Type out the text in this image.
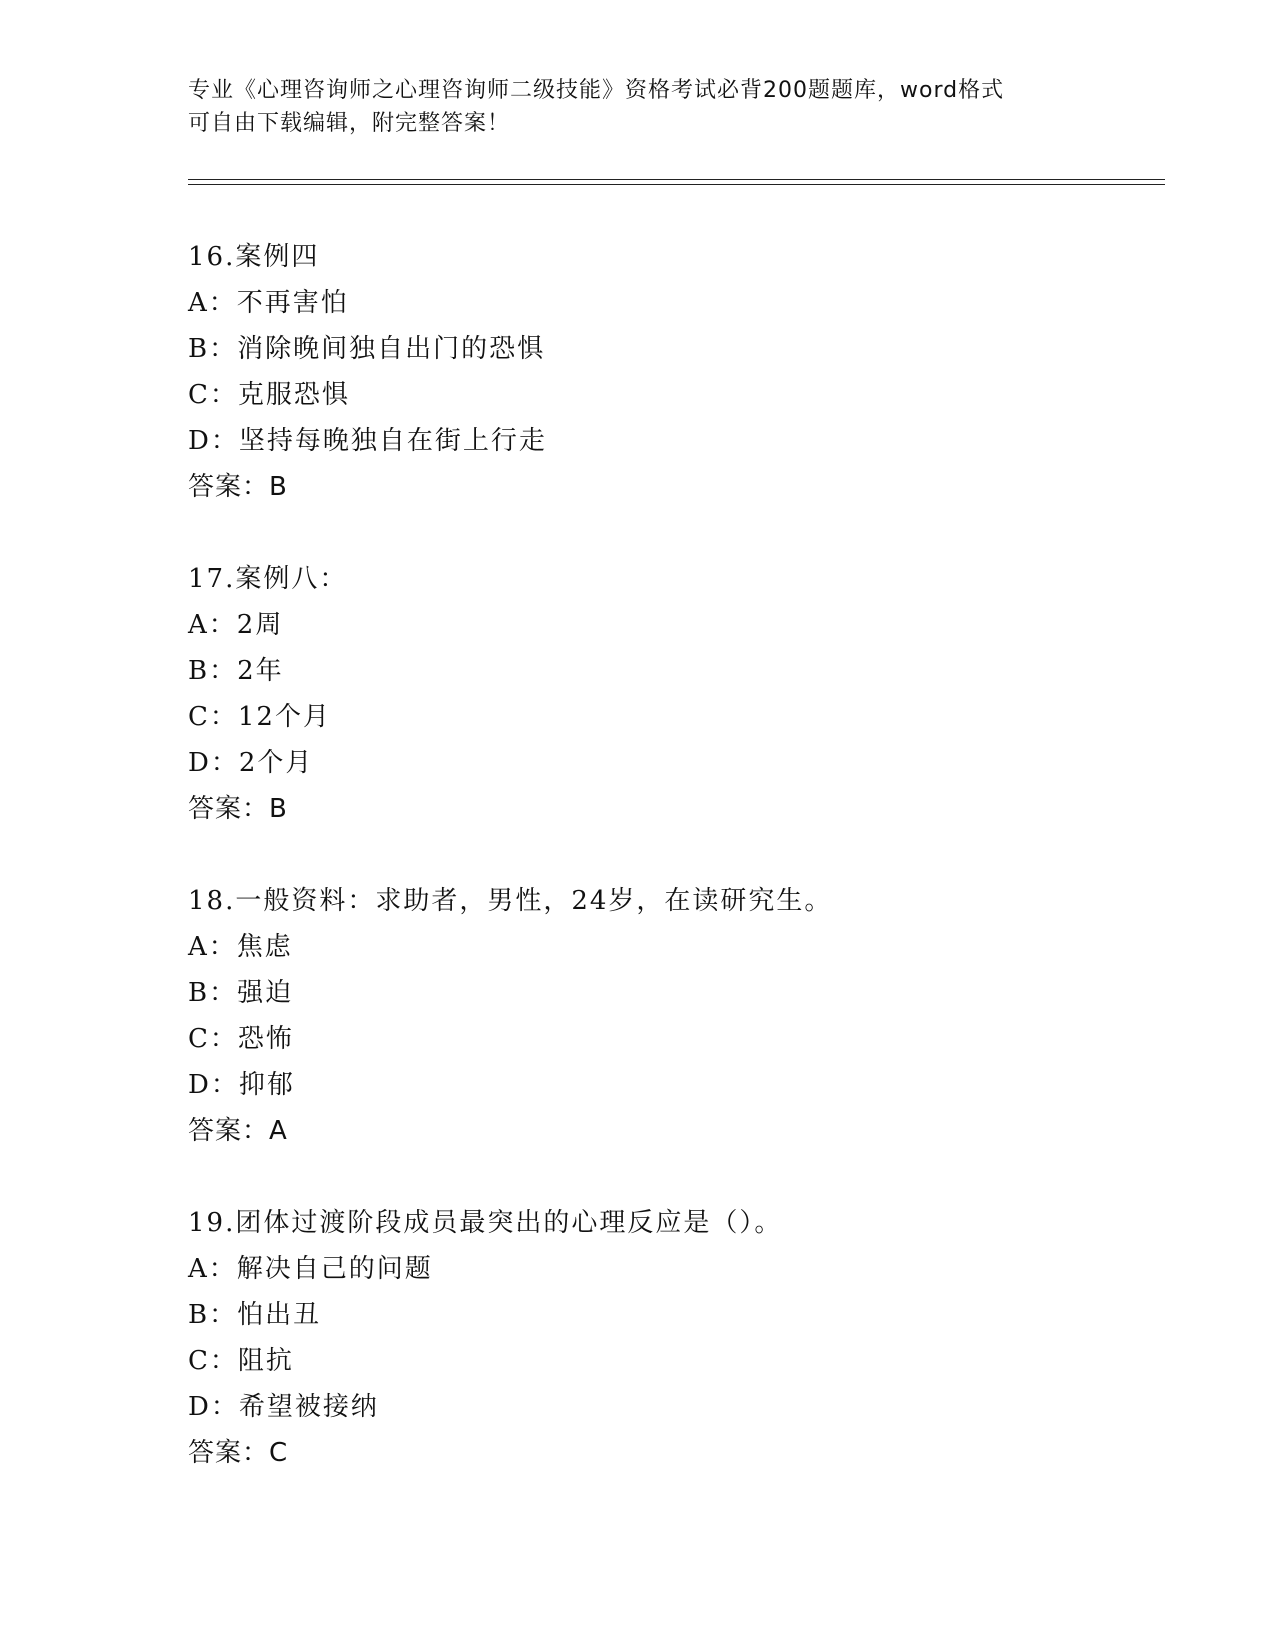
专业《心理咨询师之心理咨询师二级技能》资格考试必背200题题库，word格式

可自由下载编辑，附完整答案！

16.案例四

A：不再害怕

B：消除晚间独自出门的恐惧

C：克服恐惧

D：坚持每晚独自在街上行走

答案：B

17.案例八：

A：2周

B：2年

C：12个月

D：2个月

答案：B

18.一般资料：求助者，男性，24岁，在读研究生。

A：焦虑

B：强迫

C：恐怖

D：抑郁

答案：A

19.团体过渡阶段成员最突出的心理反应是（）。

A：解决自己的问题

B：怕出丑

C：阻抗

D：希望被接纳

答案：C
